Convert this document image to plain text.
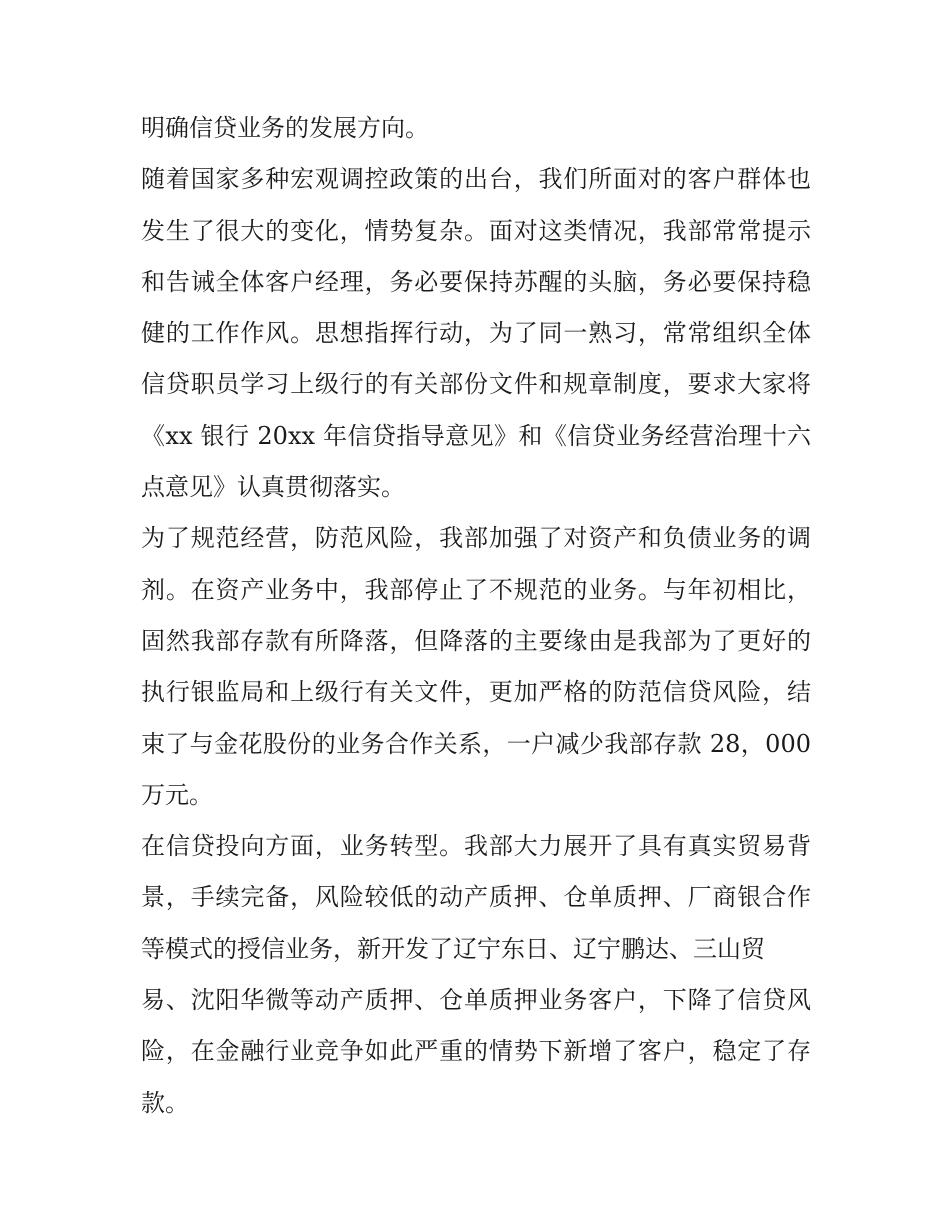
明确信贷业务的发展方向。
随着国家多种宏观调控政策的出台，我们所面对的客户群体也
发生了很大的变化，情势复杂。面对这类情况，我部常常提示
和告诫全体客户经理，务必要保持苏醒的头脑，务必要保持稳
健的工作作风。思想指挥行动，为了同一熟习，常常组织全体
信贷职员学习上级行的有关部份文件和规章制度，要求大家将
《xx 银行 20xx 年信贷指导意见》和《信贷业务经营治理十六
点意见》认真贯彻落实。
为了规范经营，防范风险，我部加强了对资产和负债业务的调
剂。在资产业务中，我部停止了不规范的业务。与年初相比，
固然我部存款有所降落，但降落的主要缘由是我部为了更好的
执行银监局和上级行有关文件，更加严格的防范信贷风险，结
束了与金花股份的业务合作关系，一户减少我部存款 28，000
万元。
在信贷投向方面，业务转型。我部大力展开了具有真实贸易背
景，手续完备，风险较低的动产质押、仓单质押、厂商银合作
等模式的授信业务，新开发了辽宁东日、辽宁鹏达、三山贸
易、沈阳华微等动产质押、仓单质押业务客户，下降了信贷风
险，在金融行业竞争如此严重的情势下新增了客户，稳定了存
款。
